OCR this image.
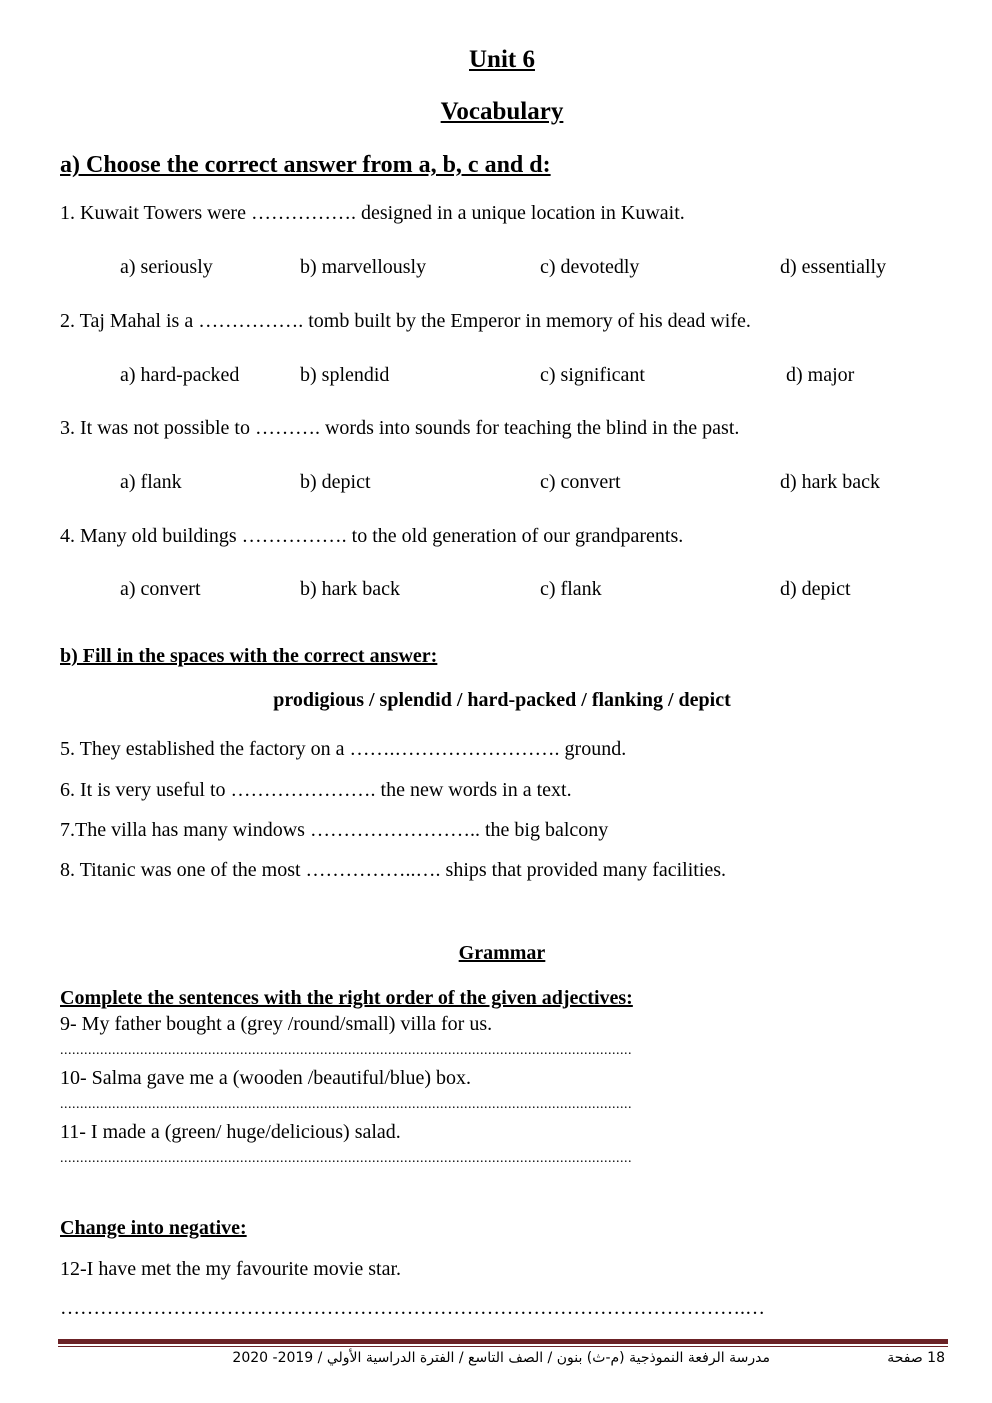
Unit 6
Vocabulary
a) Choose the correct answer from a, b, c and d:
1. Kuwait Towers were ……………. designed in a unique location in Kuwait.
a) seriously	b) marvellously	c) devotedly	d) essentially
2. Taj Mahal is a ……………. tomb built by the Emperor in memory of his dead wife.
a) hard-packed	b) splendid	c) significant	d) major
3. It was not possible to ………. words into sounds for teaching the blind in the past.
a) flank	b) depict	c) convert	d) hark back
4. Many old buildings ……………. to the old generation of our grandparents.
a) convert	b) hark back	c) flank	d) depict
b) Fill in the spaces with the correct answer:
prodigious / splendid / hard-packed / flanking / depict
5. They established the factory on a …….……………………. ground.
6. It is very useful to …………………. the new words in a text.
7.The villa has many windows …………………….. the big balcony
8. Titanic was one of the most ……………..…. ships that provided many facilities.
Grammar
Complete the sentences with the right order of the given adjectives:
9- My father bought a (grey /round/small) villa for us.
...............................................................................................................................................
10- Salma gave me a (wooden /beautiful/blue) box.
...............................................................................................................................................
11- I made a (green/ huge/delicious) salad.
...............................................................................................................................................
Change into negative:
12-I have met the my favourite movie star.
………………………………………………………………………………………….…
مدرسة الرفعة النموذجية (م-ث) بنون / الصف التاسع / الفترة الدراسية الأولي / 2019- 2020	18 صفحة
